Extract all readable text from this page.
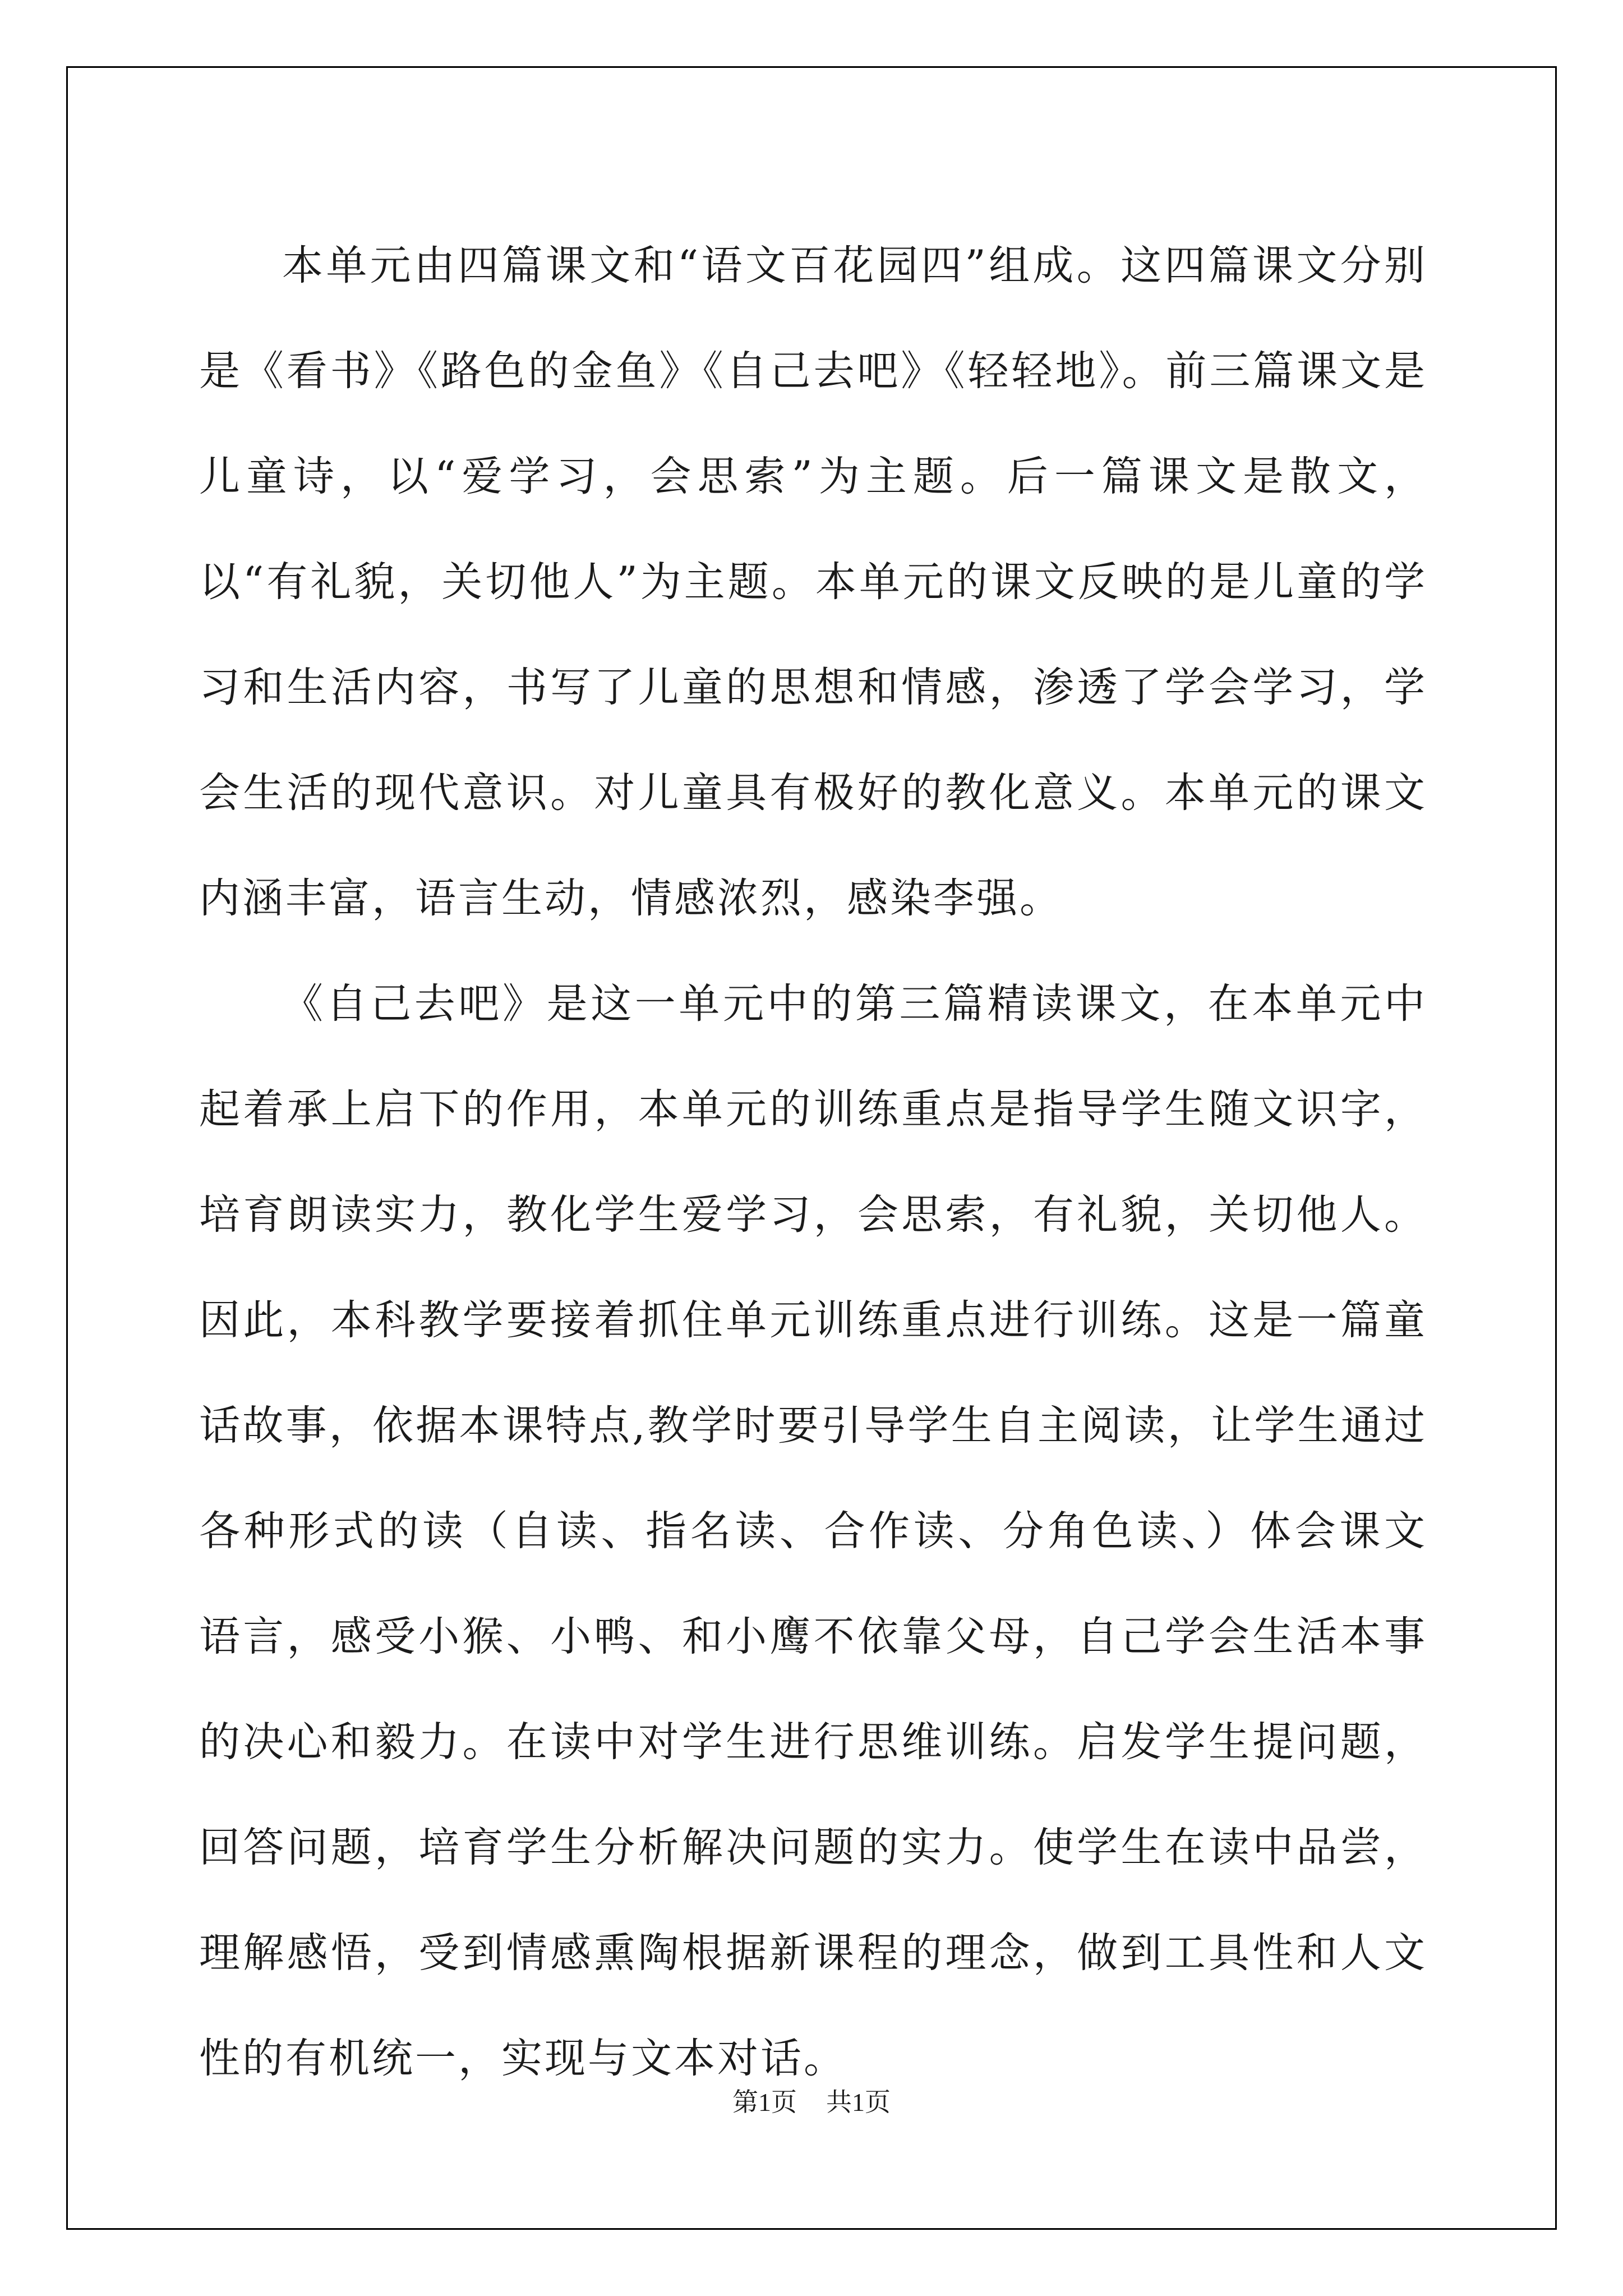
本单元由四篇课文和“语文百花园四”组成。这四篇课文分别是《看书》《路色的金鱼》《自己去吧》《轻轻地》。前三篇课文是儿童诗，以“爱学习，会思索”为主题。后一篇课文是散文，以“有礼貌，关切他人”为主题。本单元的课文反映的是儿童的学习和生活内容，书写了儿童的思想和情感，渗透了学会学习，学会生活的现代意识。对儿童具有极好的教化意义。本单元的课文内涵丰富，语言生动，情感浓烈，感染李强。

《自己去吧》是这一单元中的第三篇精读课文，在本单元中起着承上启下的作用，本单元的训练重点是指导学生随文识字，培育朗读实力，教化学生爱学习，会思索，有礼貌，关切他人。因此，本科教学要接着抓住单元训练重点进行训练。这是一篇童话故事，依据本课特点,教学时要引导学生自主阅读，让学生通过各种形式的读（自读、指名读、合作读、分角色读、）体会课文语言，感受小猴、小鸭、和小鹰不依靠父母，自己学会生活本事的决心和毅力。在读中对学生进行思维训练。启发学生提问题，回答问题，培育学生分析解决问题的实力。使学生在读中品尝，理解感悟，受到情感熏陶根据新课程的理念，做到工具性和人文性的有机统一，实现与文本对话。

第1页 共1页
